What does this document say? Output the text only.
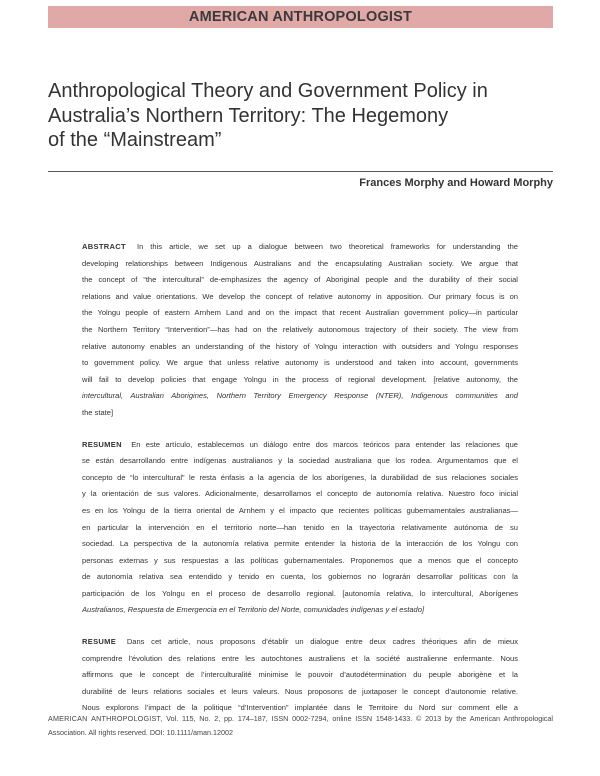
AMERICAN ANTHROPOLOGIST
Anthropological Theory and Government Policy in
Australia’s Northern Territory: The Hegemony
of the “Mainstream”
Frances Morphy and Howard Morphy

ABSTRACT In this article, we set up a dialogue between two theoretical frameworks for understanding the
developing relationships between Indigenous Australians and the encapsulating Australian society. We argue that
the concept of “the intercultural” de-emphasizes the agency of Aboriginal people and the durability of their social
relations and value orientations. We develop the concept of relative autonomy in apposition. Our primary focus is on
the Yolngu people of eastern Arnhem Land and on the impact that recent Australian government policy—in particular
the Northern Territory “Intervention”—has had on the relatively autonomous trajectory of their society. The view from
relative autonomy enables an understanding of the history of Yolngu interaction with outsiders and Yolngu responses
to government policy. We argue that unless relative autonomy is understood and taken into account, governments
will fail to develop policies that engage Yolngu in the process of regional development. [relative autonomy, the
intercultural, Australian Aborigines, Northern Territory Emergency Response (NTER), Indigenous communities and
the state]

RESUMEN En este artículo, establecemos un diálogo entre dos marcos teóricos para entender las relaciones que
se están desarrollando entre indígenas australianos y la sociedad australiana que los rodea. Argumentamos que el
concepto de “lo intercultural” le resta énfasis a la agencia de los aborígenes, la durabilidad de sus relaciones sociales
y la orientación de sus valores. Adicionalmente, desarrollamos el concepto de autonomía relativa. Nuestro foco inicial
es en los Yolngu de la tierra oriental de Arnhem y el impacto que recientes políticas gubernamentales australianas—
en particular la intervención en el territorio norte—han tenido en la trayectoria relativamente autónoma de su
sociedad. La perspectiva de la autonomía relativa permite entender la historia de la interacción de los Yolngu con
personas externas y sus respuestas a las políticas gubernamentales. Proponemos que a menos que el concepto
de autonomía relativa sea entendido y tenido en cuenta, los gobiernos no lograrán desarrollar políticas con la
participación de los Yolngu en el proceso de desarrollo regional. [autonomía relativa, lo intercultural, Aborígenes
Australianos, Respuesta de Emergencia en el Territorio del Norte, comunidades indígenas y el estado]

RESUME Dans cet article, nous proposons d’établir un dialogue entre deux cadres théoriques afin de mieux
comprendre l’évolution des relations entre les autochtones australiens et la société australienne enfermante. Nous
affirmons que le concept de l’interculturalité minimise le pouvoir d’autodétermination du peuple aborigène et la
durabilité de leurs relations sociales et leurs valeurs. Nous proposons de juxtaposer le concept d’autonomie relative.
Nous explorons l’impact de la politique “d’Intervention” implantée dans le Territoire du Nord sur comment elle a

AMERICAN ANTHROPOLOGIST, Vol. 115, No. 2, pp. 174–187, ISSN 0002-7294, online ISSN 1548-1433. © 2013 by the American Anthropological
Association. All rights reserved. DOI: 10.1111/aman.12002
